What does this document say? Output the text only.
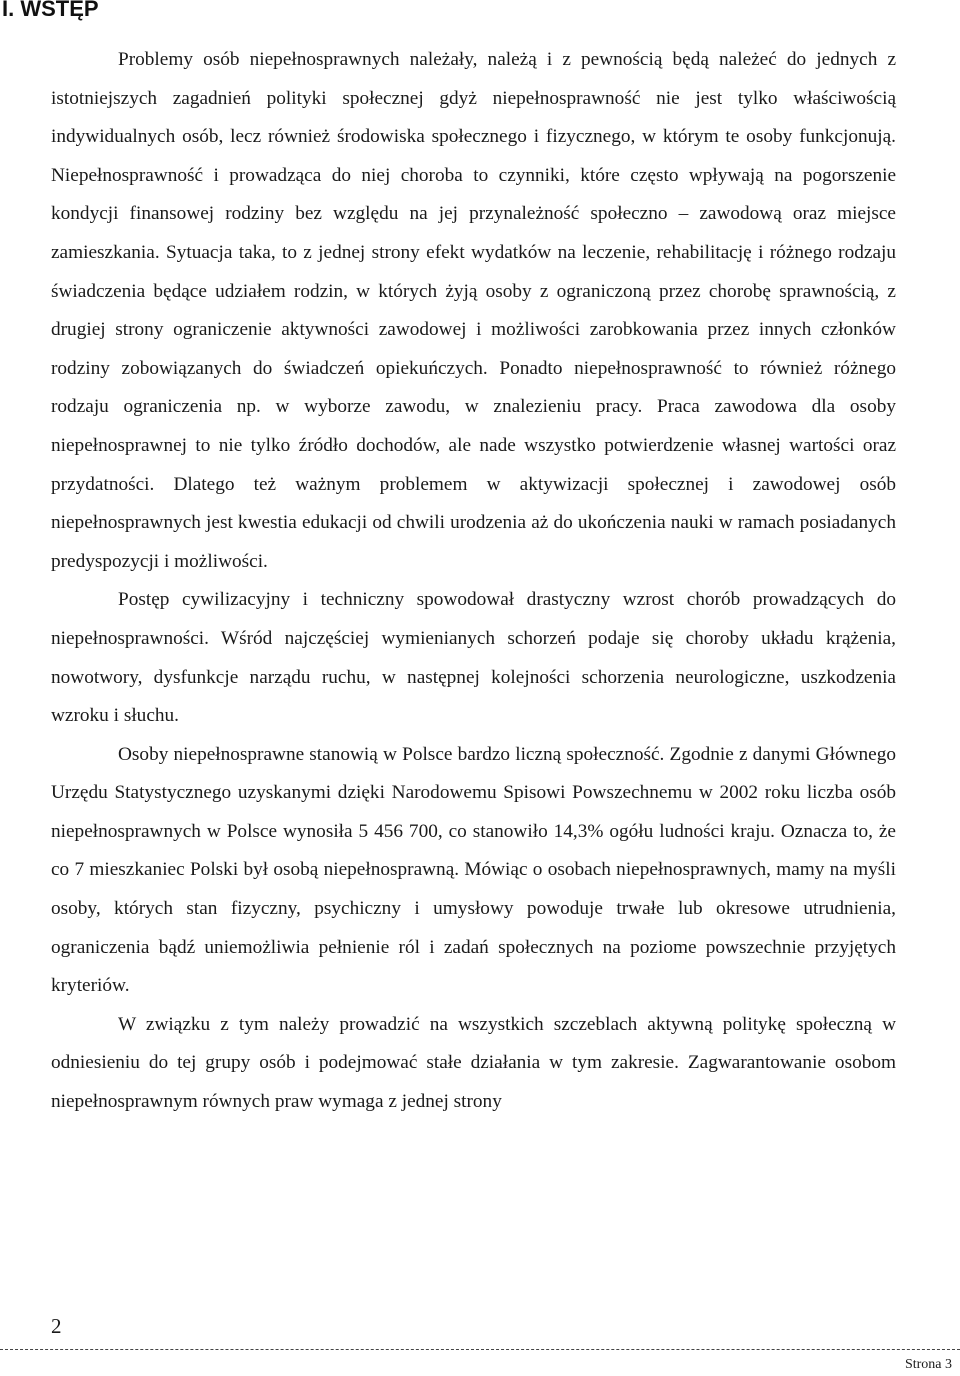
I. WSTĘP

Problemy osób niepełnosprawnych należały, należą i z pewnością będą należeć do jednych z istotniejszych zagadnień polityki społecznej gdyż niepełnosprawność nie jest tylko właściwością indywidualnych osób, lecz również środowiska społecznego i fizycznego, w którym te osoby funkcjonują. Niepełnosprawność i prowadząca do niej choroba to czynniki, które często wpływają na pogorszenie kondycji finansowej rodziny bez względu na jej przynależność społeczno – zawodową oraz miejsce zamieszkania. Sytuacja taka, to z jednej strony efekt wydatków na leczenie, rehabilitację i różnego rodzaju świadczenia będące udziałem rodzin, w których żyją osoby z ograniczoną przez chorobę sprawnością, z drugiej strony ograniczenie aktywności zawodowej i możliwości zarobkowania przez innych członków rodziny zobowiązanych do świadczeń opiekuńczych. Ponadto niepełnosprawność to również różnego rodzaju ograniczenia np. w wyborze zawodu, w znalezieniu pracy. Praca zawodowa dla osoby niepełnosprawnej to nie tylko źródło dochodów, ale nade wszystko potwierdzenie własnej wartości oraz przydatności. Dlatego też ważnym problemem w aktywizacji społecznej i zawodowej osób niepełnosprawnych jest kwestia edukacji od chwili urodzenia aż do ukończenia nauki w ramach posiadanych predyspozycji i możliwości.

Postęp cywilizacyjny i techniczny spowodował drastyczny wzrost chorób prowadzących do niepełnosprawności. Wśród najczęściej wymienianych schorzeń podaje się choroby układu krążenia, nowotwory, dysfunkcje narządu ruchu, w następnej kolejności schorzenia neurologiczne, uszkodzenia wzroku i słuchu.

Osoby niepełnosprawne stanowią w Polsce bardzo liczną społeczność. Zgodnie z danymi Głównego Urzędu Statystycznego uzyskanymi dzięki Narodowemu Spisowi Powszechnemu w 2002 roku liczba osób niepełnosprawnych w Polsce wynosiła 5 456 700, co stanowiło 14,3% ogółu ludności kraju. Oznacza to, że co 7 mieszkaniec Polski był osobą niepełnosprawną. Mówiąc o osobach niepełnosprawnych, mamy na myśli osoby, których stan fizyczny, psychiczny i umysłowy powoduje trwałe lub okresowe utrudnienia, ograniczenia bądź uniemożliwia pełnienie ról i zadań społecznych na poziome powszechnie przyjętych kryteriów.

W związku z tym należy prowadzić na wszystkich szczeblach aktywną politykę społeczną w odniesieniu do tej grupy osób i podejmować stałe działania w tym zakresie. Zagwarantowanie osobom niepełnosprawnym równych praw wymaga z jednej strony

2

Strona 3
